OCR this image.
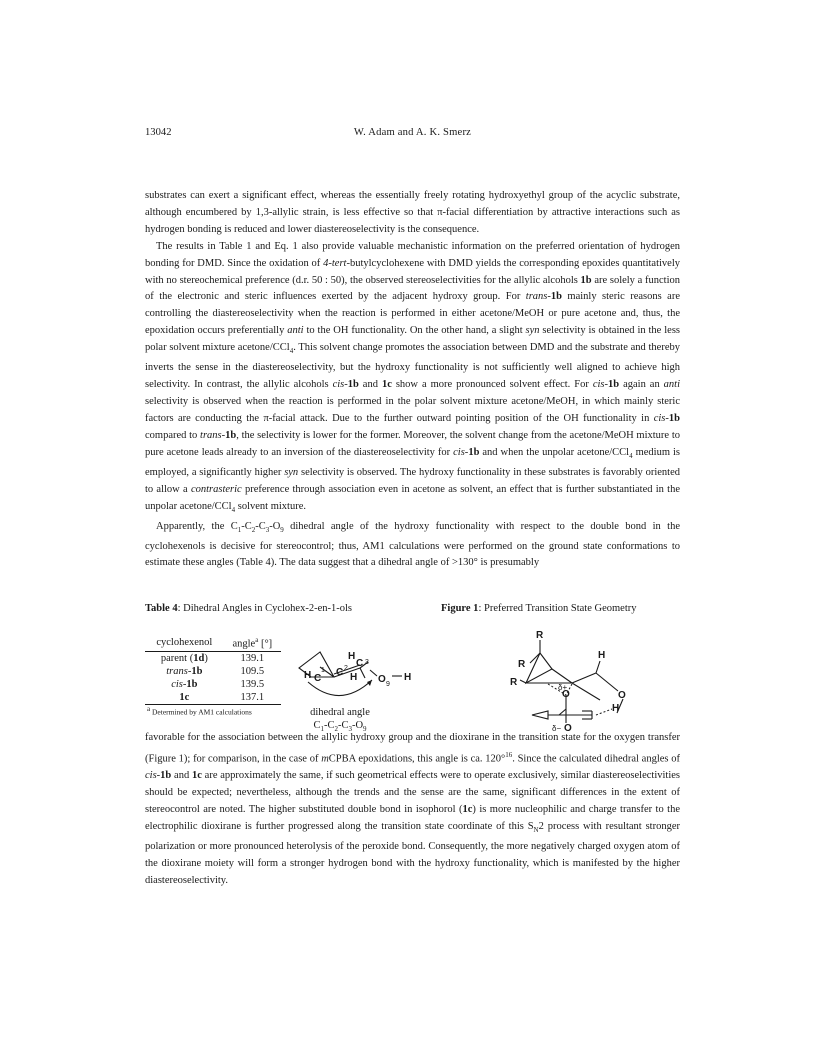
13042	W. Adam and A. K. Smerz

substrates can exert a significant effect, whereas the essentially freely rotating hydroxyethyl group of the acyclic substrate, although encumbered by 1,3-allylic strain, is less effective so that π-facial differentiation by attractive interactions such as hydrogen bonding is reduced and lower diastereoselectivity is the consequence.

The results in Table 1 and Eq. 1 also provide valuable mechanistic information on the preferred orientation of hydrogen bonding for DMD. Since the oxidation of 4-tert-butylcyclohexene with DMD yields the corresponding epoxides quantitatively with no stereochemical preference (d.r. 50 : 50), the observed stereoselectivities for the allylic alcohols 1b are solely a function of the electronic and steric influences exerted by the adjacent hydroxy group. For trans-1b mainly steric reasons are controlling the diastereoselectivity when the reaction is performed in either acetone/MeOH or pure acetone and, thus, the epoxidation occurs preferentially anti to the OH functionality. On the other hand, a slight syn selectivity is obtained in the less polar solvent mixture acetone/CCl$_4$. This solvent change promotes the association between DMD and the substrate and thereby inverts the sense in the diastereoselectivity, but the hydroxy functionality is not sufficiently well aligned to achieve high selectivity. In contrast, the allylic alcohols cis-1b and 1c show a more pronounced solvent effect. For cis-1b again an anti selectivity is observed when the reaction is performed in the polar solvent mixture acetone/MeOH, in which mainly steric factors are conducting the π-facial attack. Due to the further outward pointing position of the OH functionality in cis-1b compared to trans-1b, the selectivity is lower for the former. Moreover, the solvent change from the acetone/MeOH mixture to pure acetone leads already to an inversion of the diastereoselectivity for cis-1b and when the unpolar acetone/CCl$_4$ medium is employed, a significantly higher syn selectivity is observed. The hydroxy functionality in these substrates is favorably oriented to allow a contrasteric preference through association even in acetone as solvent, an effect that is further substantiated in the unpolar acetone/CCl$_4$ solvent mixture.

Apparently, the $C_1-C_2-C_3-O_9$ dihedral angle of the hydroxy functionality with respect to the double bond in the cyclohexenols is decisive for stereocontrol; thus, AM1 calculations were performed on the ground state conformations to estimate these angles (Table 4). The data suggest that a dihedral angle of >130° is presumably

Table 4: Dihedral Angles in Cyclohex-2-en-1-ols	Figure 1: Preferred Transition State Geometry
cyclohexenol	angle$^a$ [°]
parent (1d)	139.1
trans-1b	109.5
cis-1b	139.5
1c	137.1
$^a$ Determined by AM1 calculations	
H
H C
C
C
H O H
1	2
3
9
dihedral angle
$C_1-C_2-C_3-O_9$
R
R
R
H
O
O
H
O
δ+
δ−

favorable for the association between the allylic hydroxy group and the dioxirane in the transition state for the oxygen transfer (Figure 1); for comparison, in the case of mCPBA epoxidations, this angle is ca. 120°$^{16}$. Since the calculated dihedral angles of cis-1b and 1c are approximately the same, if such geometrical effects were to operate exclusively, similar diastereoselectivities should be expected; nevertheless, although the trends and the sense are the same, significant differences in the extent of stereocontrol are noted. The higher substituted double bond in isophorol (1c) is more nucleophilic and charge transfer to the electrophilic dioxirane is further progressed along the transition state coordinate of this $S_N2$ process with resultant stronger polarization or more pronounced heterolysis of the peroxide bond. Consequently, the more negatively charged oxygen atom of the dioxirane moiety will form a stronger hydrogen bond with the hydroxy functionality, which is manifested by the higher diastereoselectivity.
